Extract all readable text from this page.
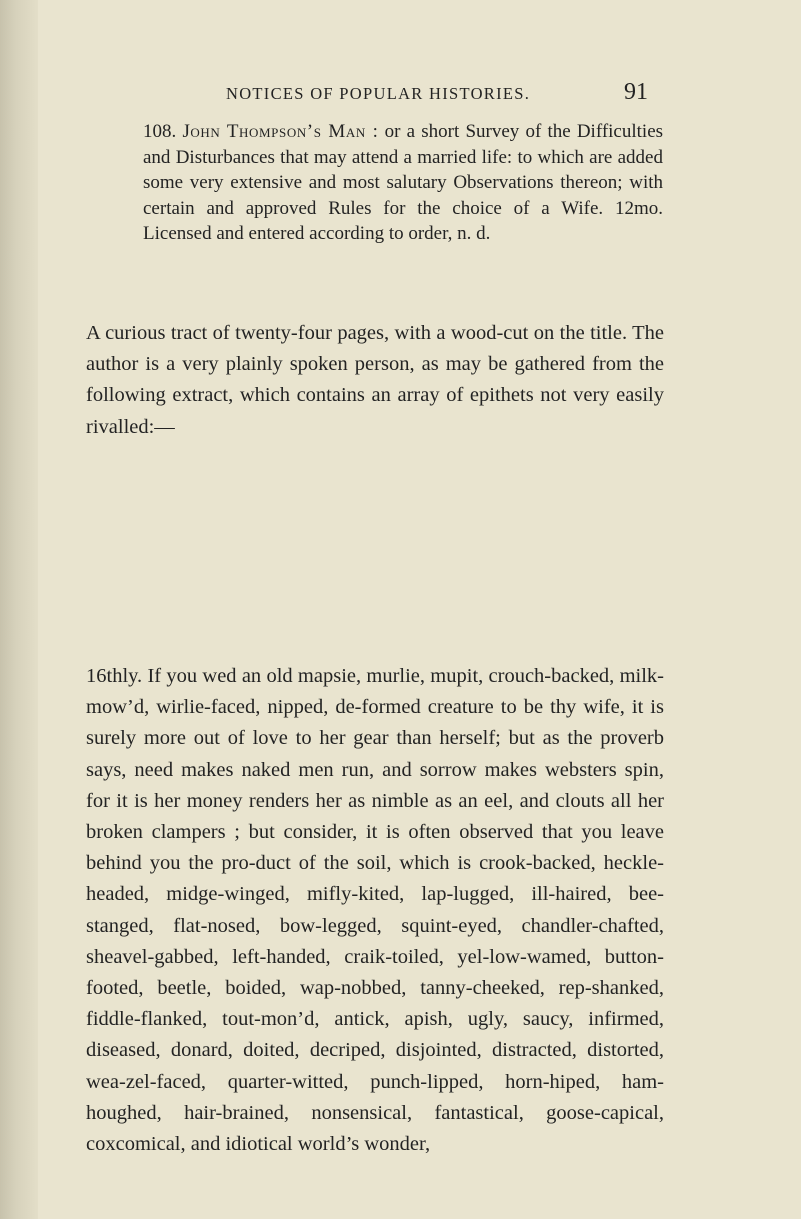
NOTICES OF POPULAR HISTORIES.	91
108. John Thompson’s Man : or a short Survey of the Difficulties and Disturbances that may attend a married life: to which are added some very extensive and most salutary Observations thereon; with certain and approved Rules for the choice of a Wife. 12mo. Licensed and entered according to order, n. d.
A curious tract of twenty-four pages, with a wood-cut on the title. The author is a very plainly spoken person, as may be gathered from the following extract, which contains an array of epithets not very easily rivalled:—
16thly. If you wed an old mapsie, murlie, mupit, crouch-backed, milk-mow’d, wirlie-faced, nipped, de-formed creature to be thy wife, it is surely more out of love to her gear than herself; but as the proverb says, need makes naked men run, and sorrow makes websters spin, for it is her money renders her as nimble as an eel, and clouts all her broken clampers ; but consider, it is often observed that you leave behind you the pro-duct of the soil, which is crook-backed, heckle-headed, midge-winged, mifly-kited, lap-lugged, ill-haired, bee-stanged, flat-nosed, bow-legged, squint-eyed, chandler-chafted, sheavel-gabbed, left-handed, craik-toiled, yel-low-wamed, button-footed, beetle, boided, wap-nobbed, tanny-cheeked, rep-shanked, fiddle-flanked, tout-mon’d, antick, apish, ugly, saucy, infirmed, diseased, donard, doited, decriped, disjointed, distracted, distorted, wea-zel-faced, quarter-witted, punch-lipped, horn-hiped, ham-houghed, hair-brained, nonsensical, fantastical, goose-capical, coxcomical, and idiotical world’s wonder,
